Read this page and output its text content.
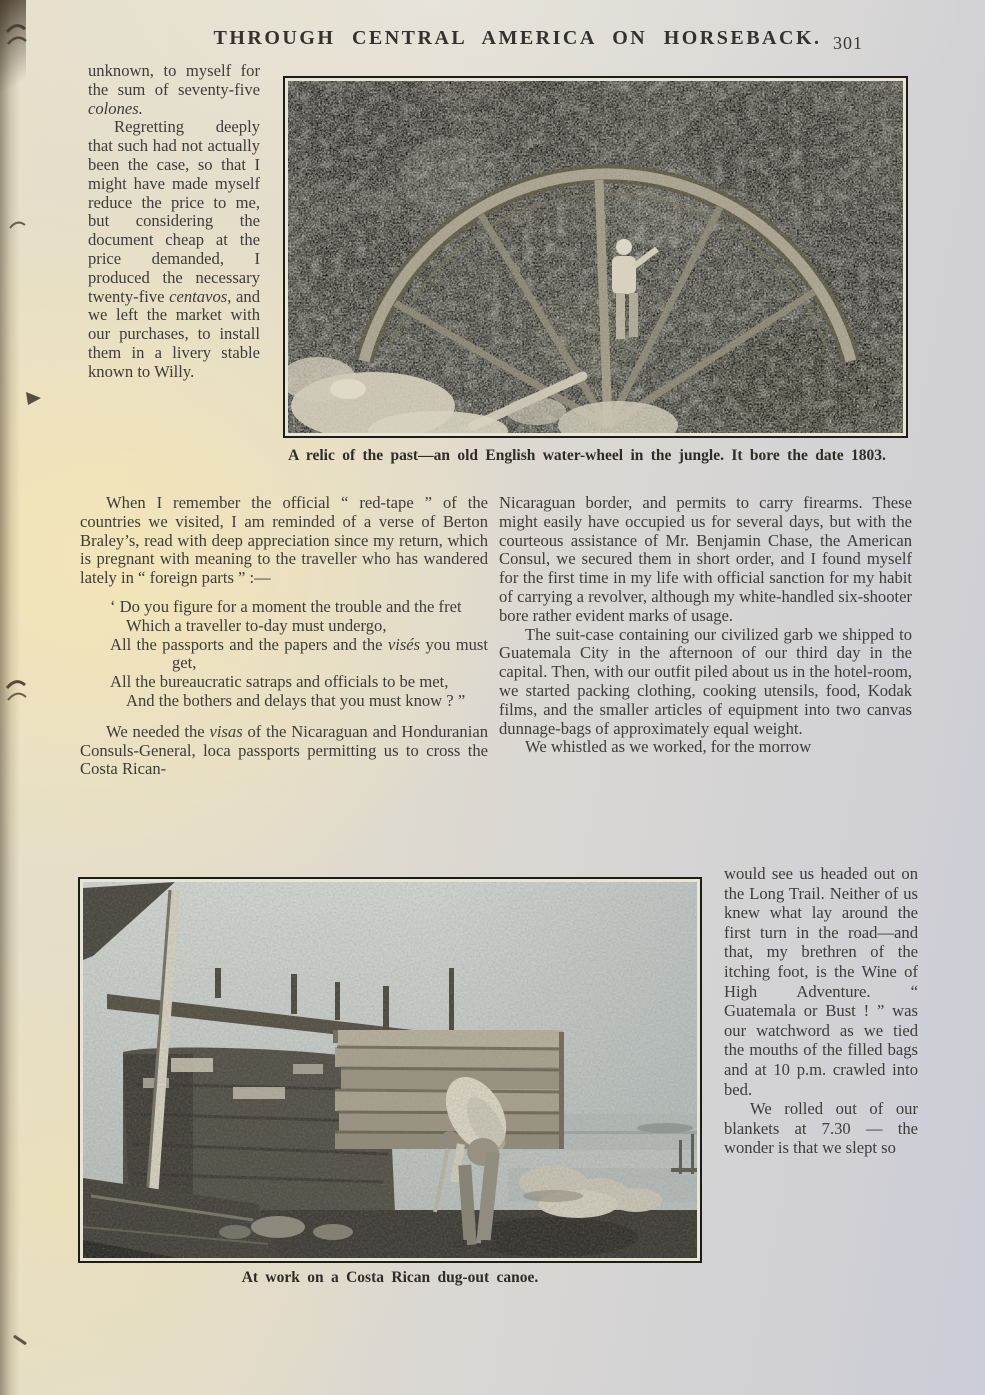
THROUGH CENTRAL AMERICA ON HORSEBACK. 301

unknown, to myself for the sum of seventy-five colones.

Regretting deeply that such had not actually been the case, so that I might have made myself reduce the price to me, but considering the document cheap at the price demanded, I produced the necessary twenty-five centavos, and we left the market with our purchases, to install them in a livery stable known to Willy.

A relic of the past—an old English water-wheel in the jungle. It bore the date 1803.

When I remember the official “ red-tape ” of the countries we visited, I am reminded of a verse of Berton Braley’s, read with deep appreciation since my return, which is pregnant with meaning to the traveller who has wandered lately in “ foreign parts ” :—

‘ Do you figure for a moment the trouble and the fret
Which a traveller to-day must undergo,
All the passports and the papers and the visés you must get,
All the bureaucratic satraps and officials to be met,
And the bothers and delays that you must know ? ”

We needed the visas of the Nicaraguan and Honduranian Consuls-General, loca passports permitting us to cross the Costa Rican-

Nicaraguan border, and permits to carry firearms. These might easily have occupied us for several days, but with the courteous assistance of Mr. Benjamin Chase, the American Consul, we secured them in short order, and I found myself for the first time in my life with official sanction for my habit of carrying a revolver, although my white-handled six-shooter bore rather evident marks of usage.

The suit-case containing our civilized garb we shipped to Guatemala City in the afternoon of our third day in the capital. Then, with our outfit piled about us in the hotel-room, we started packing clothing, cooking utensils, food, Kodak films, and the smaller articles of equipment into two canvas dunnage-bags of approximately equal weight.

We whistled as we worked, for the morrow

At work on a Costa Rican dug-out canoe.

would see us headed out on the Long Trail. Neither of us knew what lay around the first turn in the road—and that, my brethren of the itching foot, is the Wine of High Adventure. “ Guatemala or Bust ! ” was our watchword as we tied the mouths of the filled bags and at 10 p.m. crawled into bed.

We rolled out of our blankets at 7.30 — the wonder is that we slept so
